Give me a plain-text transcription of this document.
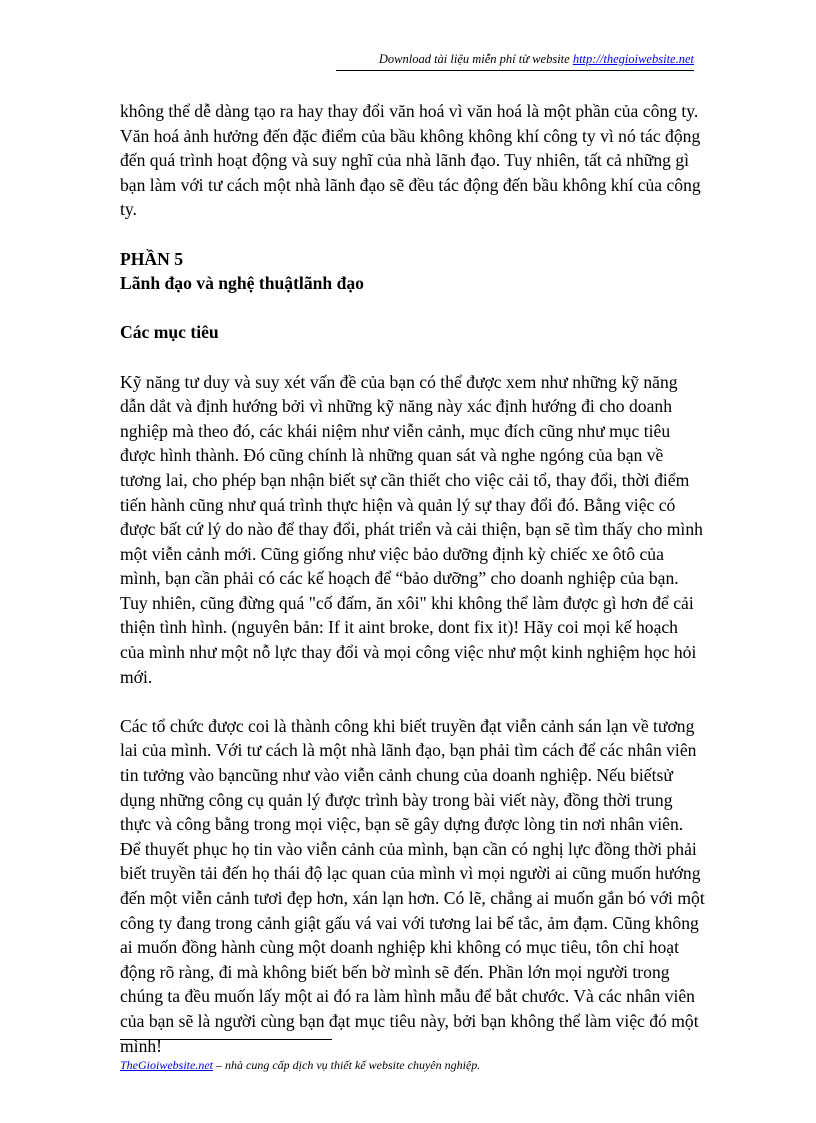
Download tài liệu miễn phí từ website http://thegioiwebsite.net

không thể dễ dàng tạo ra hay thay đổi văn hoá vì văn hoá là một phần của công ty. Văn hoá ảnh hưởng đến đặc điểm của bầu không không khí công ty vì nó tác động đến quá trình hoạt động và suy nghĩ của nhà lãnh đạo. Tuy nhiên, tất cả những gì bạn làm với tư cách một nhà lãnh đạo sẽ đều tác động đến bầu không khí của công ty.

PHẦN 5

Lãnh đạo và nghệ thuậtlãnh đạo

Các mục tiêu

Kỹ năng tư duy và suy xét vấn đề của bạn có thể được xem như những kỹ năng dẫn dắt và định hướng bởi vì những kỹ năng này xác định hướng đi cho doanh nghiệp mà theo đó, các khái niệm như viễn cảnh, mục đích cũng như mục tiêu được hình thành. Đó cũng chính là những quan sát và nghe ngóng của bạn về tương lai, cho phép bạn nhận biết sự cần thiết cho việc cải tổ, thay đổi, thời điểm tiến hành cũng như quá trình thực hiện và quản lý sự thay đổi đó. Bằng việc có được bất cứ lý do nào để thay đổi, phát triển và cải thiện, bạn sẽ tìm thấy cho mình một viễn cảnh mới. Cũng giống như việc bảo dưỡng định kỳ chiếc xe ôtô của mình, bạn cần phải có các kế hoạch để “bảo dưỡng” cho doanh nghiệp của bạn. Tuy nhiên, cũng đừng quá "cố đấm, ăn xôi" khi không thể làm được gì hơn để cải thiện tình hình. (nguyên bản: If it aint broke, dont fix it)! Hãy coi mọi kế hoạch của mình như một nỗ lực thay đổi và mọi công việc như một kinh nghiệm học hỏi mới.

Các tổ chức được coi là thành công khi biết truyền đạt viễn cảnh sán lạn về tương lai của mình. Với tư cách là một nhà lãnh đạo, bạn phải tìm cách để các nhân viên tin tưởng vào bạncũng như vào viễn cảnh chung của doanh nghiệp. Nếu biếtsử dụng những công cụ quản lý được trình bày trong bài viết này, đồng thời trung thực và công bằng trong mọi việc, bạn sẽ gây dựng được lòng tin nơi nhân viên. Để thuyết phục họ tin vào viễn cảnh của mình, bạn cần có nghị lực đồng thời phải biết truyền tải đến họ thái độ lạc quan của mình vì mọi người ai cũng muốn hướng đến một viễn cảnh tươi đẹp hơn, xán lạn hơn. Có lẽ, chẳng ai muốn gắn bó với một công ty đang trong cảnh giật gấu vá vai với tương lai bế tắc, ảm đạm. Cũng không ai muốn đồng hành cùng một doanh nghiệp khi không có mục tiêu, tôn chỉ hoạt động rõ ràng, đi mà không biết bến bờ mình sẽ đến. Phần lớn mọi người trong chúng ta đều muốn lấy một ai đó ra làm hình mẫu để bắt chước. Và các nhân viên của bạn sẽ là người cùng bạn đạt mục tiêu này, bởi bạn không thể làm việc đó một mình!

TheGioiwebsite.net – nhà cung cấp dịch vụ thiết kế website chuyên nghiệp.
